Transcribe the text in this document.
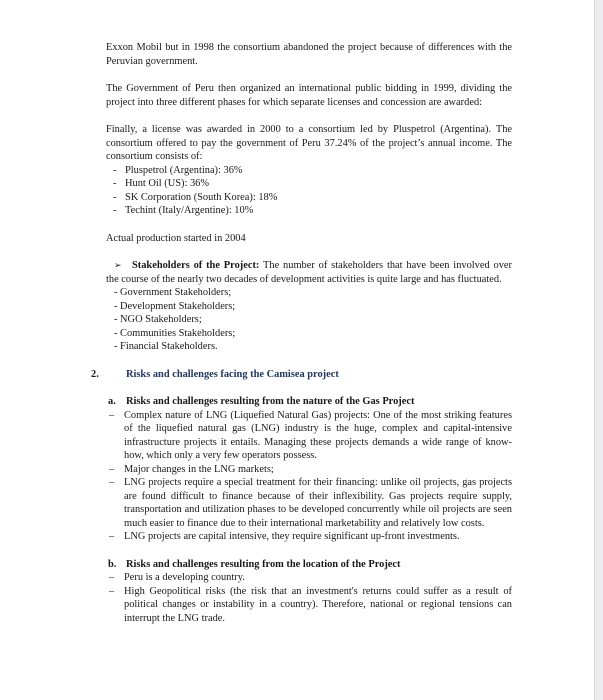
Exxon Mobil but in 1998 the consortium abandoned the project because of differences with the Peruvian government.

The Government of Peru then organized an international public bidding in 1999, dividing the project into three different phases for which separate licenses and concession are awarded:

Finally, a license was awarded in 2000 to a consortium led by Pluspetrol (Argentina). The consortium offered to pay the government of Peru 37.24% of the project’s annual income. The consortium consists of:

- Pluspetrol (Argentina): 36%
- Hunt Oil (US): 36%
- SK Corporation (South Korea): 18%
- Techint (Italy/Argentine): 10%

Actual production started in 2004

➢ Stakeholders of the Project: The number of stakeholders that have been involved over the course of the nearly two decades of development activities is quite large and has fluctuated.

- Government Stakeholders;
- Development Stakeholders;
- NGO Stakeholders;
- Communities Stakeholders;
- Financial Stakeholders.

2.	Risks and challenges facing the Camisea project

a. Risks and challenges resulting from the nature of the Gas Project

– Complex nature of LNG (Liquefied Natural Gas) projects: One of the most striking features of the liquefied natural gas (LNG) industry is the huge, complex and capital-intensive infrastructure projects it entails. Managing these projects demands a wide range of know-how, which only a very few operators possess.
– Major changes in the LNG markets;
– LNG projects require a special treatment for their financing: unlike oil projects, gas projects are found difficult to finance because of their inflexibility. Gas projects require supply, transportation and utilization phases to be developed concurrently while oil projects are seen much easier to finance due to their international marketability and relatively low costs.
– LNG projects are capital intensive, they require significant up-front investments.

b. Risks and challenges resulting from the location of the Project

– Peru is a developing country.
– High Geopolitical risks (the risk that an investment's returns could suffer as a result of political changes or instability in a country). Therefore, national or regional tensions can interrupt the LNG trade.
